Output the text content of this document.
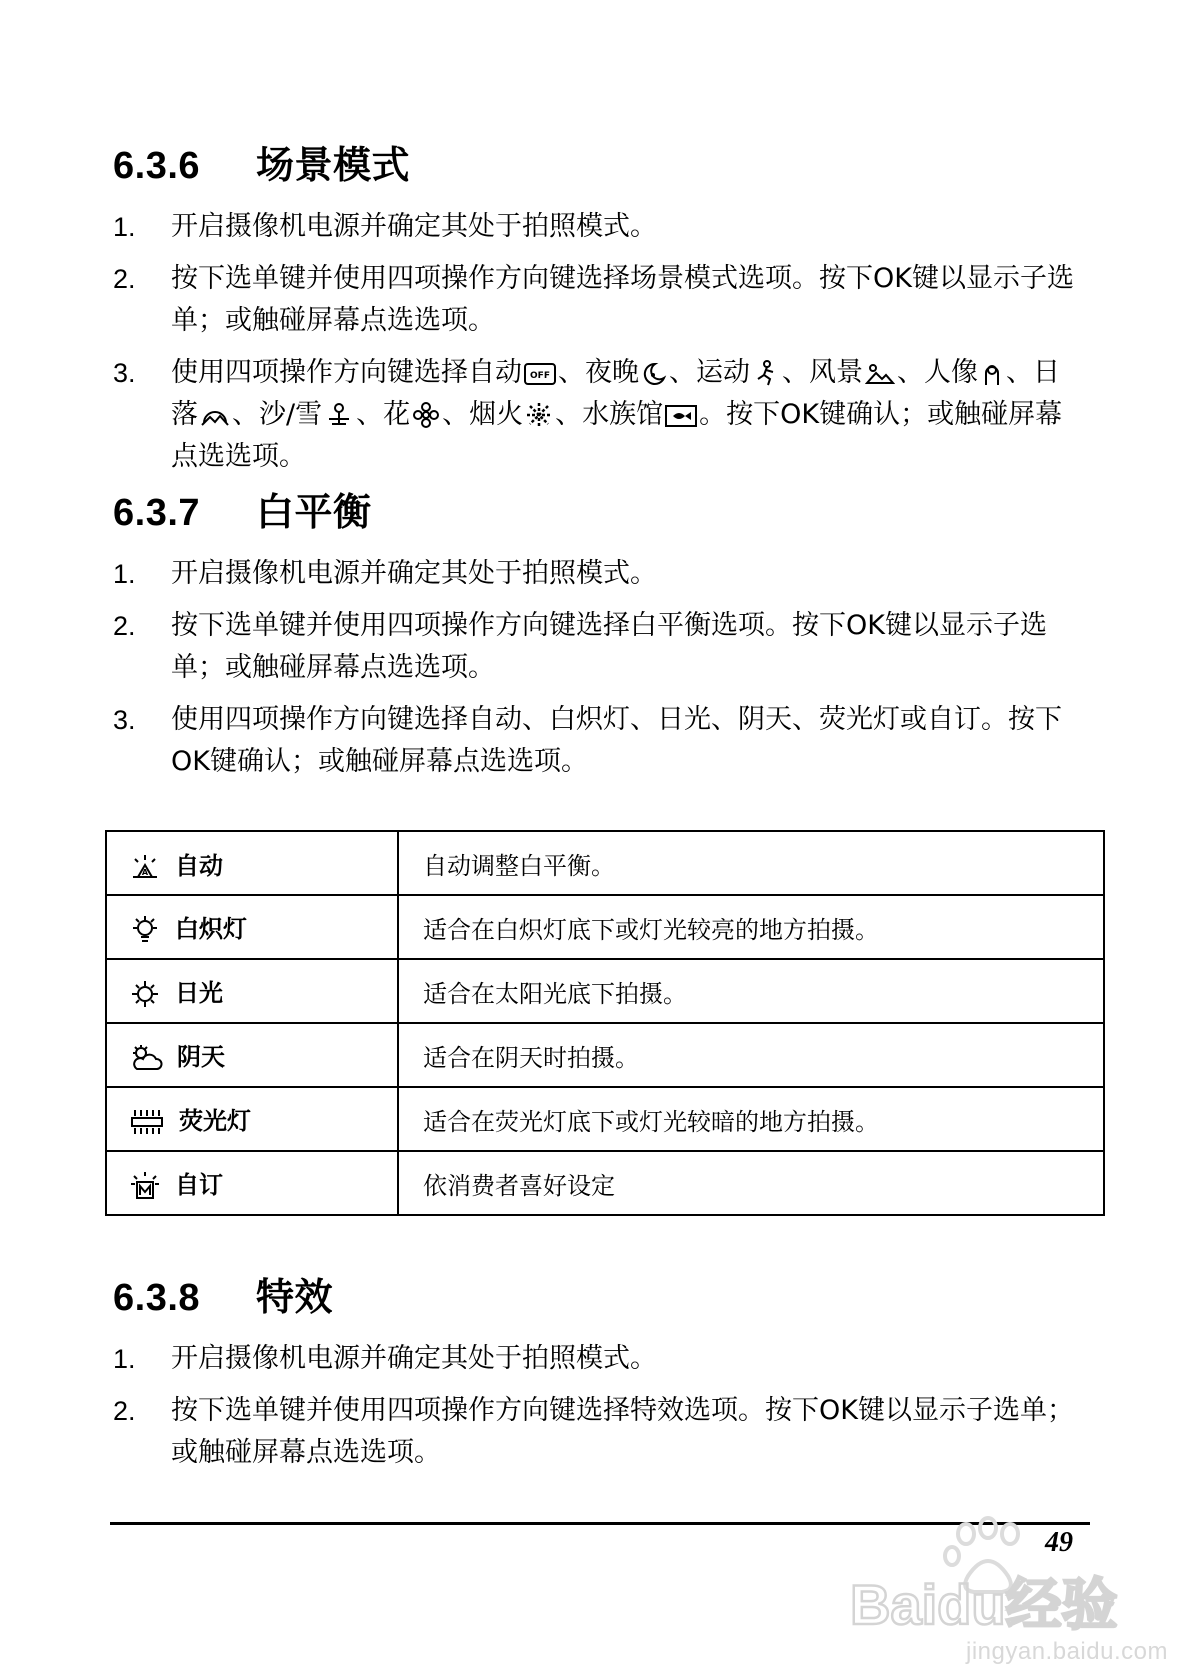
6.3.6 场景模式
1. 开启摄像机电源并确定其处于拍照模式。
2. 按下选单键并使用四项操作方向键选择场景模式选项。按下OK键以显示子选单；或触碰屏幕点选选项。
3. 使用四项操作方向键选择自动 OFF 、夜晚 、运动 、风景 、人像 、日落 、沙/雪 、花 、烟火 、水族馆 。按下OK键确认；或触碰屏幕点选选项。
6.3.7 白平衡
1. 开启摄像机电源并确定其处于拍照模式。
2. 按下选单键并使用四项操作方向键选择白平衡选项。按下OK键以显示子选单；或触碰屏幕点选选项。
3. 使用四项操作方向键选择自动、白炽灯、日光、阴天、荧光灯或自订。按下OK键确认；或触碰屏幕点选选项。
A 自动	自动调整白平衡。
白炽灯	适合在白炽灯底下或灯光较亮的地方拍摄。
日光	适合在太阳光底下拍摄。
阴天	适合在阴天时拍摄。
荧光灯	适合在荧光灯底下或灯光较暗的地方拍摄。
自订	依消费者喜好设定
6.3.8 特效
1. 开启摄像机电源并确定其处于拍照模式。
2. 按下选单键并使用四项操作方向键选择特效选项。按下OK键以显示子选单；或触碰屏幕点选选项。
Baidu经验
jingyan.baidu.com
49
